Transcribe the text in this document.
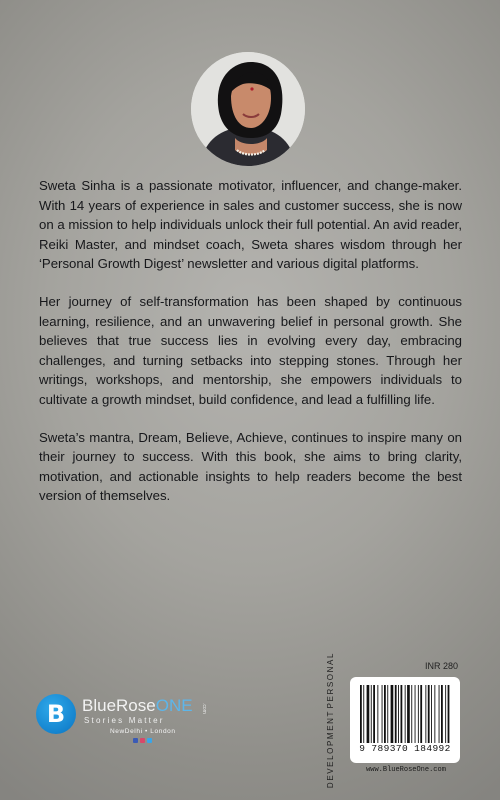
Sweta Sinha is a passionate motivator, influencer, and change-maker. With 14 years of experience in sales and customer success, she is now on a mission to help individuals unlock their full potential. An avid reader, Reiki Master, and mindset coach, Sweta shares wisdom through her ‘Personal Growth Digest’ newsletter and various digital platforms.

Her journey of self-transformation has been shaped by continuous learning, resilience, and an unwavering belief in personal growth. She believes that true success lies in evolving every day, embracing challenges, and turning setbacks into stepping stones. Through her writings, workshops, and mentorship, she empowers individuals to cultivate a growth mindset, build confidence, and lead a fulfilling life.

Sweta’s mantra, Dream, Believe, Achieve, continues to inspire many on their journey to success. With this book, she aims to bring clarity, motivation, and actionable insights to help readers become the best version of themselves.

B BlueRoseONE .com
Stories Matter
NewDelhi • London
INR 280
PERSONAL
DEVELOPMENT	9 789370 184992
www.BlueRoseOne.com
